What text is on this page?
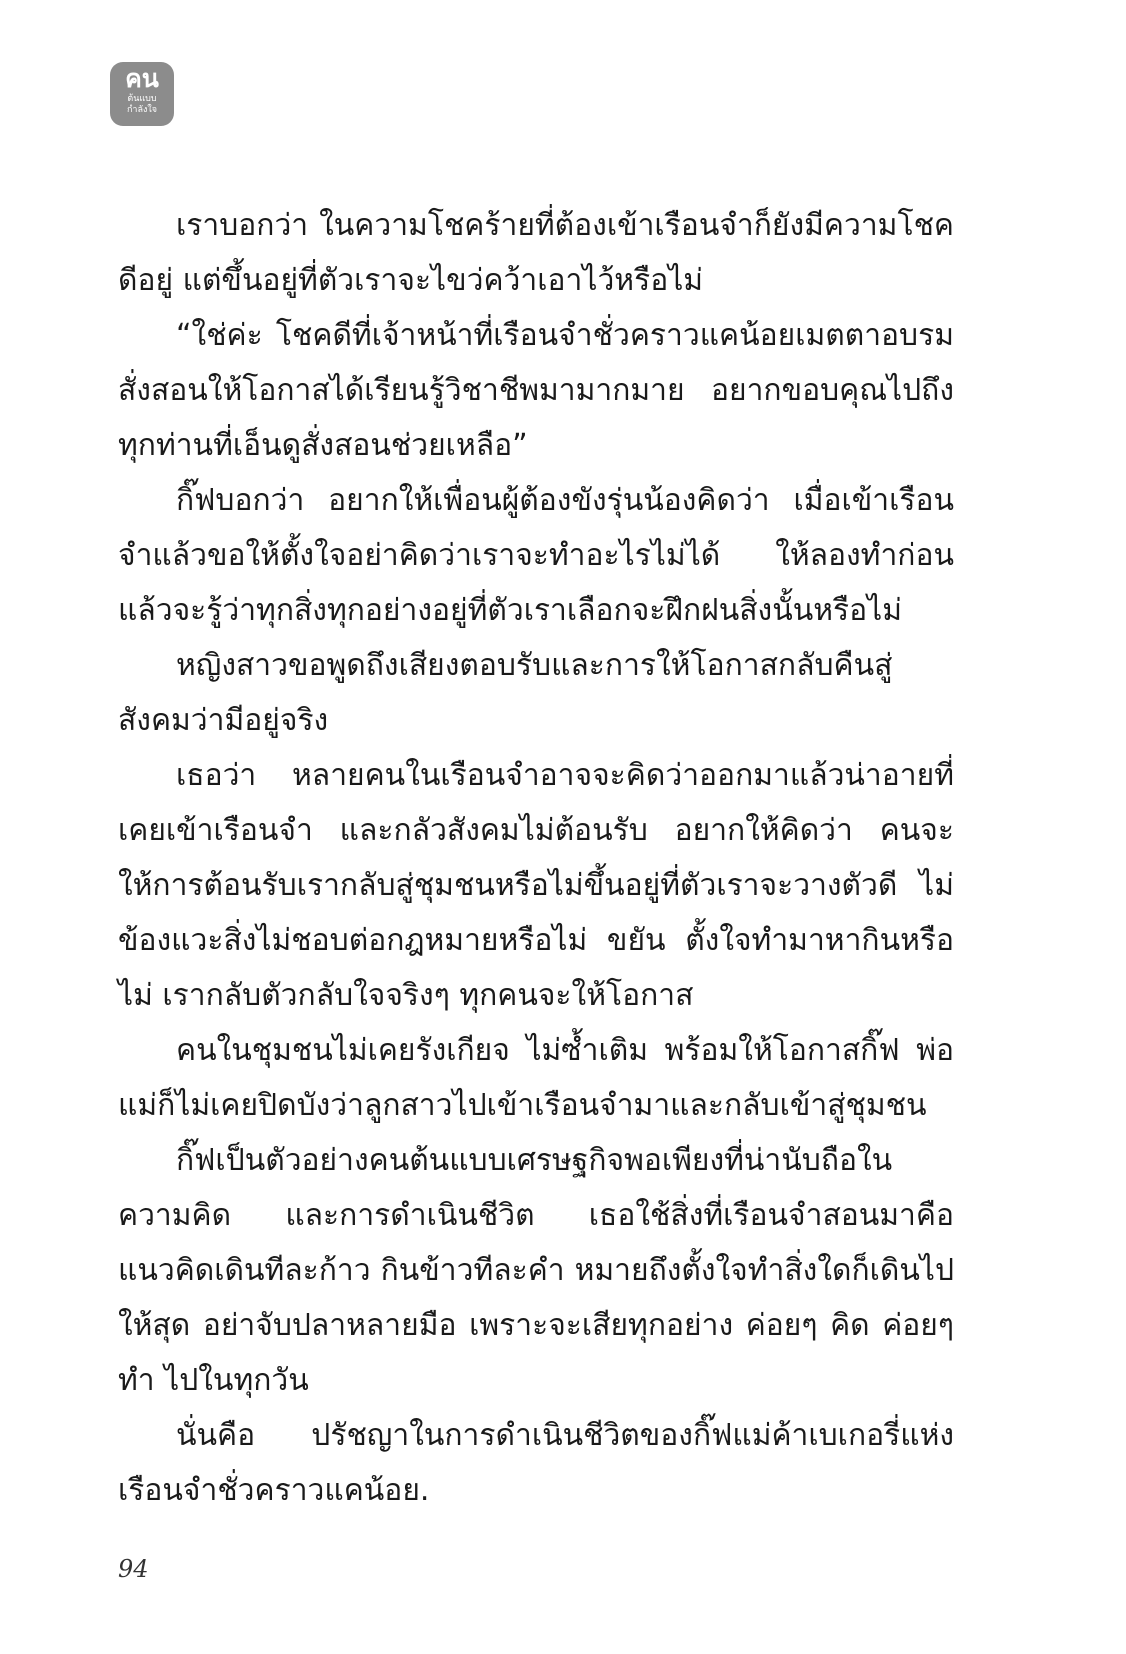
คน
ต้นแบบ
กำลังใจ

เราบอกว่า ในความโชคร้ายที่ต้องเข้าเรือนจำก็ยังมีความโชคดีอยู่ แต่ขึ้นอยู่ที่ตัวเราจะไขว่คว้าเอาไว้หรือไม่

“ใช่ค่ะ โชคดีที่เจ้าหน้าที่เรือนจำชั่วคราวแคน้อยเมตตาอบรมสั่งสอนให้โอกาสได้เรียนรู้วิชาชีพมามากมาย อยากขอบคุณไปถึงทุกท่านที่เอ็นดูสั่งสอนช่วยเหลือ”

กิ๊ฟบอกว่า อยากให้เพื่อนผู้ต้องขังรุ่นน้องคิดว่า เมื่อเข้าเรือนจำแล้วขอให้ตั้งใจอย่าคิดว่าเราจะทำอะไรไม่ได้ ให้ลองทำก่อนแล้วจะรู้ว่าทุกสิ่งทุกอย่างอยู่ที่ตัวเราเลือกจะฝึกฝนสิ่งนั้นหรือไม่

หญิงสาวขอพูดถึงเสียงตอบรับและการให้โอกาสกลับคืนสู่สังคมว่ามีอยู่จริง

เธอว่า หลายคนในเรือนจำอาจจะคิดว่าออกมาแล้วน่าอายที่เคยเข้าเรือนจำ และกลัวสังคมไม่ต้อนรับ อยากให้คิดว่า คนจะให้การต้อนรับเรากลับสู่ชุมชนหรือไม่ขึ้นอยู่ที่ตัวเราจะวางตัวดี ไม่ข้องแวะสิ่งไม่ชอบต่อกฎหมายหรือไม่ ขยัน ตั้งใจทำมาหากินหรือไม่ เรากลับตัวกลับใจจริงๆ ทุกคนจะให้โอกาส

คนในชุมชนไม่เคยรังเกียจ ไม่ซ้ำเติม พร้อมให้โอกาสกิ๊ฟ พ่อแม่ก็ไม่เคยปิดบังว่าลูกสาวไปเข้าเรือนจำมาและกลับเข้าสู่ชุมชน

กิ๊ฟเป็นตัวอย่างคนต้นแบบเศรษฐกิจพอเพียงที่น่านับถือในความคิด และการดำเนินชีวิต เธอใช้สิ่งที่เรือนจำสอนมาคือแนวคิดเดินทีละก้าว กินข้าวทีละคำ หมายถึงตั้งใจทำสิ่งใดก็เดินไปให้สุด อย่าจับปลาหลายมือ เพราะจะเสียทุกอย่าง ค่อยๆ คิด ค่อยๆ ทำ ไปในทุกวัน

นั่นคือ ปรัชญาในการดำเนินชีวิตของกิ๊ฟแม่ค้าเบเกอรี่แห่งเรือนจำชั่วคราวแคน้อย.

94
